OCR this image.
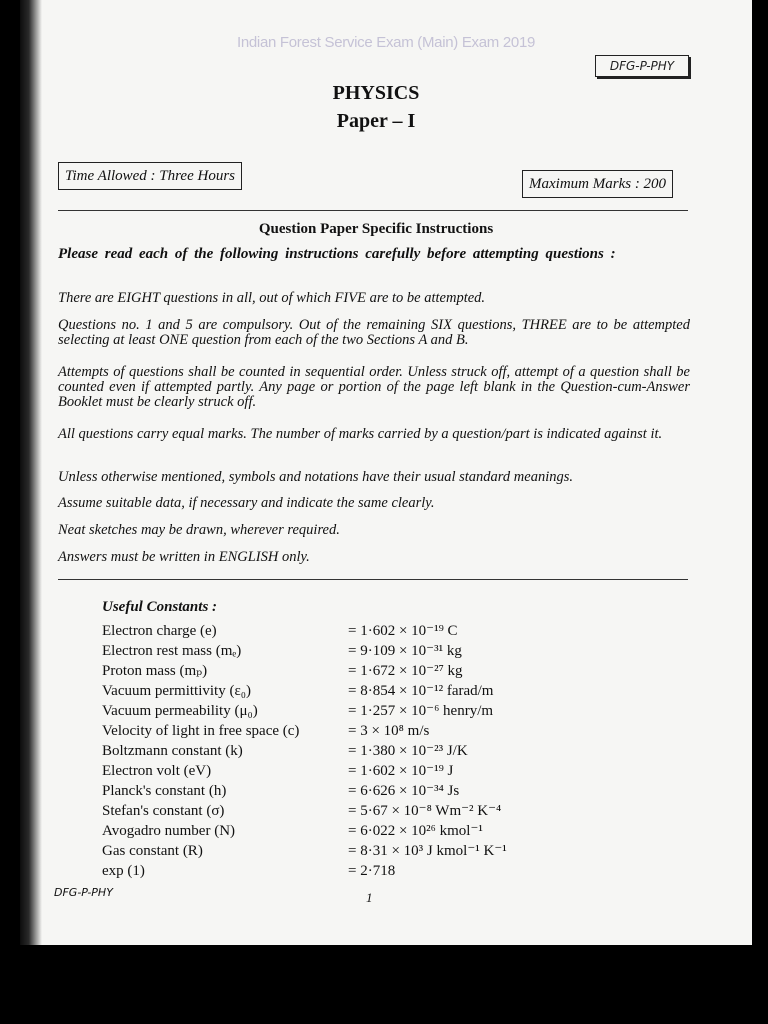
Indian Forest Service Exam (Main) Exam 2019
DFG-P-PHY
PHYSICS
Paper – I
Time Allowed : Three Hours	Maximum Marks : 200
Question Paper Specific Instructions
Please read each of the following instructions carefully before attempting questions :
There are EIGHT questions in all, out of which FIVE are to be attempted.
Questions no. 1 and 5 are compulsory. Out of the remaining SIX questions, THREE are to be attempted selecting at least ONE question from each of the two Sections A and B.
Attempts of questions shall be counted in sequential order. Unless struck off, attempt of a question shall be counted even if attempted partly. Any page or portion of the page left blank in the Question-cum-Answer Booklet must be clearly struck off.
All questions carry equal marks. The number of marks carried by a question/part is indicated against it.
Unless otherwise mentioned, symbols and notations have their usual standard meanings.
Assume suitable data, if necessary and indicate the same clearly.
Neat sketches may be drawn, wherever required.
Answers must be written in ENGLISH only.
Useful Constants :
Electron charge (e)	= 1·602 × 10⁻¹⁹ C
Electron rest mass (mₑ)	= 9·109 × 10⁻³¹ kg
Proton mass (mₚ)	= 1·672 × 10⁻²⁷ kg
Vacuum permittivity (ε₀)	= 8·854 × 10⁻¹² farad/m
Vacuum permeability (μ₀)	= 1·257 × 10⁻⁶ henry/m
Velocity of light in free space (c)	= 3 × 10⁸ m/s
Boltzmann constant (k)	= 1·380 × 10⁻²³ J/K
Electron volt (eV)	= 1·602 × 10⁻¹⁹ J
Planck's constant (h)	= 6·626 × 10⁻³⁴ Js
Stefan's constant (σ)	= 5·67 × 10⁻⁸ Wm⁻² K⁻⁴
Avogadro number (N)	= 6·022 × 10²⁶ kmol⁻¹
Gas constant (R)	= 8·31 × 10³ J kmol⁻¹ K⁻¹
exp (1)	= 2·718
DFG-P-PHY	1
